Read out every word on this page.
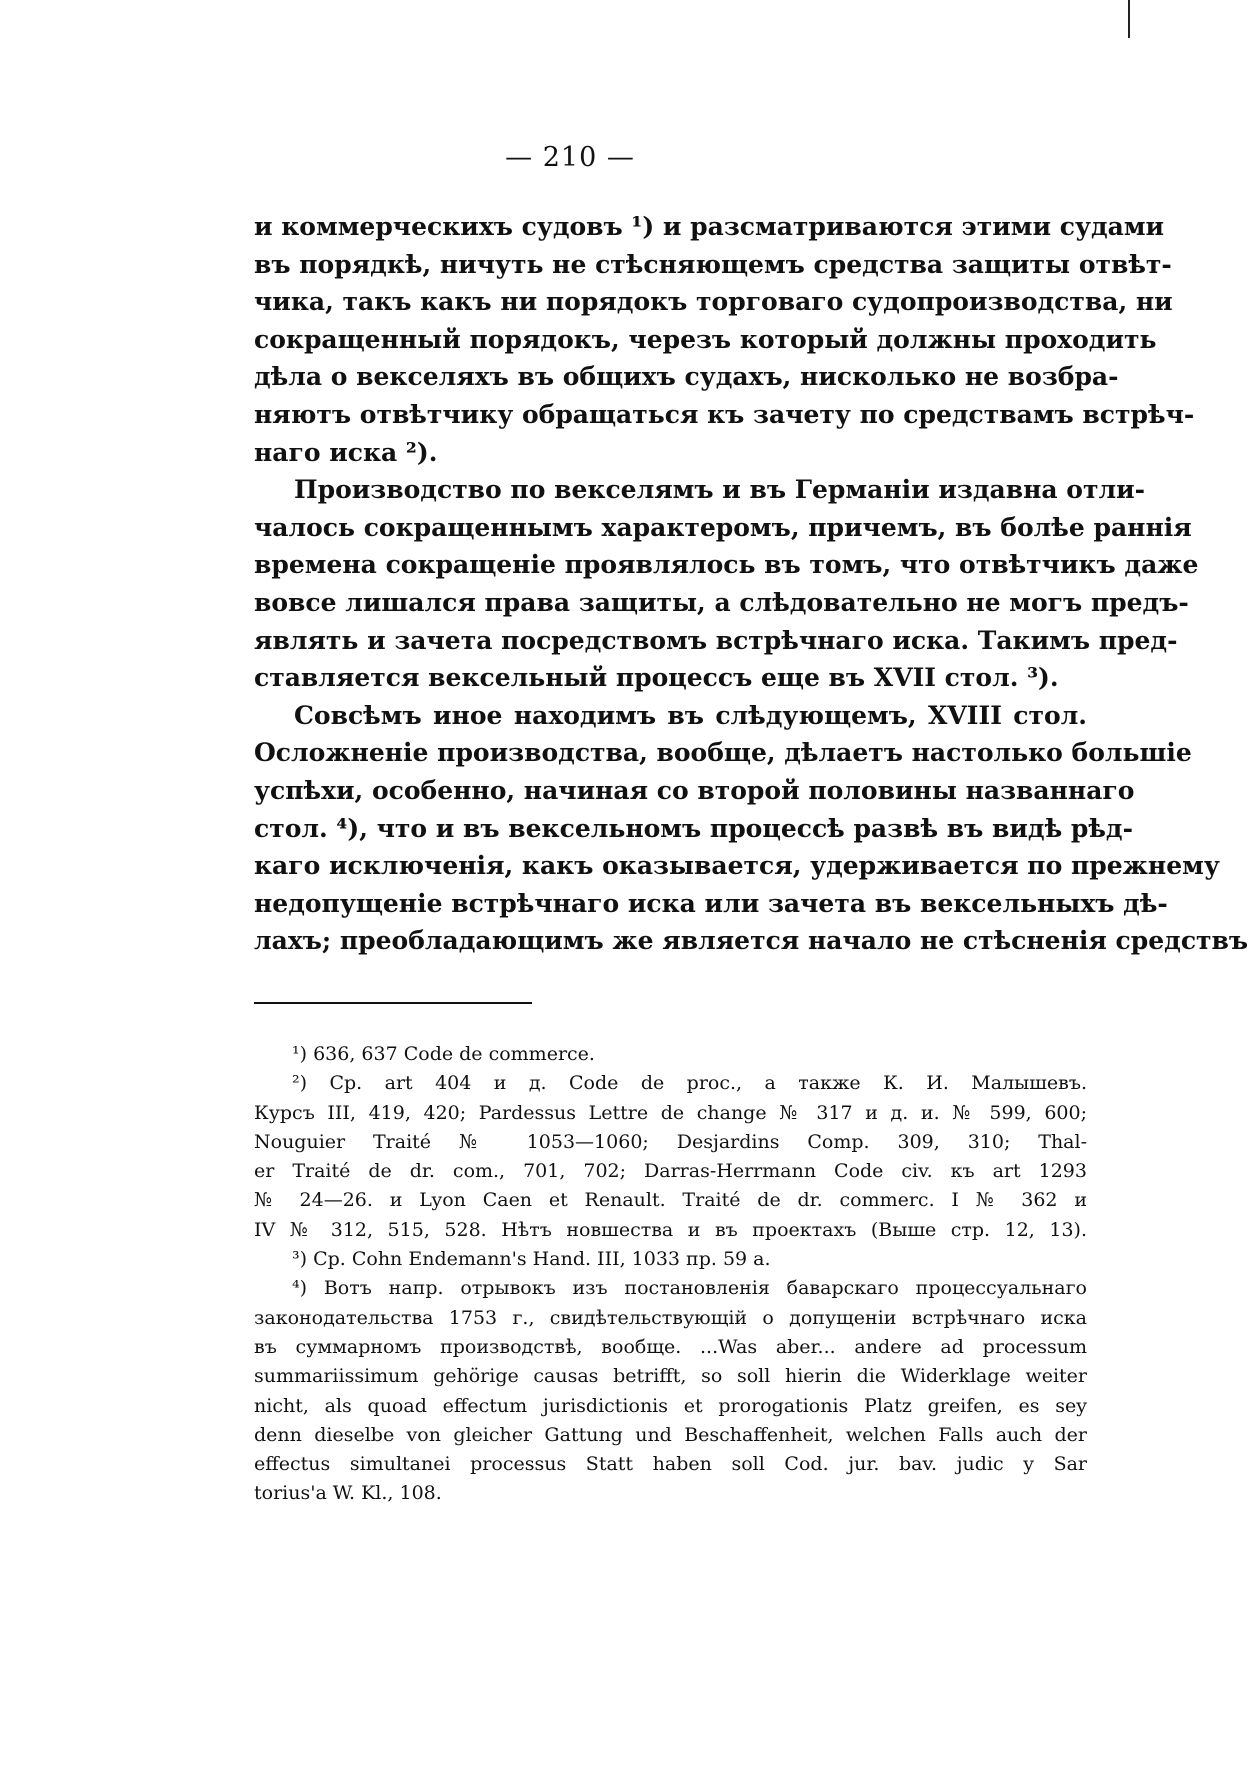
— 210 —
и коммерческихъ судовъ ¹) и разсматриваются этими судами
въ порядкѣ, ничуть не стѣсняющемъ средства защиты отвѣт-
чика, такъ какъ ни порядокъ торговаго судопроизводства, ни
сокращенный порядокъ, черезъ который должны проходить
дѣла о векселяхъ въ общихъ судахъ, нисколько не возбра-
няютъ отвѣтчику обращаться къ зачету по средствамъ встрѣч-
наго иска ²).
Производство по векселямъ и въ Германіи издавна отли-
чалось сокращеннымъ характеромъ, причемъ, въ болѣе раннія
времена сокращеніе проявлялось въ томъ, что отвѣтчикъ даже
вовсе лишался права защиты, а слѣдовательно не могъ предъ-
являть и зачета посредствомъ встрѣчнаго иска. Такимъ пред-
ставляется вексельный процессъ еще въ XVII стол. ³).
Совсѣмъ иное находимъ въ слѣдующемъ, XVIII стол.
Осложненіе производства, вообще, дѣлаетъ настолько большіе
успѣхи, особенно, начиная со второй половины названнаго
стол. ⁴), что и въ вексельномъ процессѣ развѣ въ видѣ рѣд-
каго исключенія, какъ оказывается, удерживается по прежнему
недопущеніе встрѣчнаго иска или зачета въ вексельныхъ дѣ-
лахъ; преобладающимъ же является начало не стѣсненія средствъ
¹) 636, 637 Code de commerce.
²) Cp. art 404 и д. Code de proc., а также К. И. Малышевъ.
Курсъ III, 419, 420; Pardessus Lettre de change № 317 и д. и. № 599, 600;
Nouguier Traité № 1053—1060; Desjardins Comp. 309, 310; Thal-
er Traité de dr. com., 701, 702; Darras-Herrmann Code civ. къ art 1293
№ 24—26. и Lyon Caen et Renault. Traité de dr. commerc. I № 362 и
IV № 312, 515, 528. Нѣтъ новшества и въ проектахъ (Выше стр. 12, 13).
³) Cp. Cohn Endemann's Hand. III, 1033 пр. 59 а.
⁴) Вотъ напр. отрывокъ изъ постановленія баварскаго процессуальнаго
законодательства 1753 г., свидѣтельствующій о допущеніи встрѣчнаго иска
въ суммарномъ производствѣ, вообще. ...Was aber... andere ad processum
summariissimum gehörige causas betrifft, so soll hierin die Widerklage weiter
nicht, als quoad effectum jurisdictionis et prorogationis Platz greifen, es sey
denn dieselbe von gleicher Gattung und Beschaffenheit, welchen Falls auch der
effectus simultanei processus Statt haben soll Cod. jur. bav. judic y Sar
torius'a W. Kl., 108.
